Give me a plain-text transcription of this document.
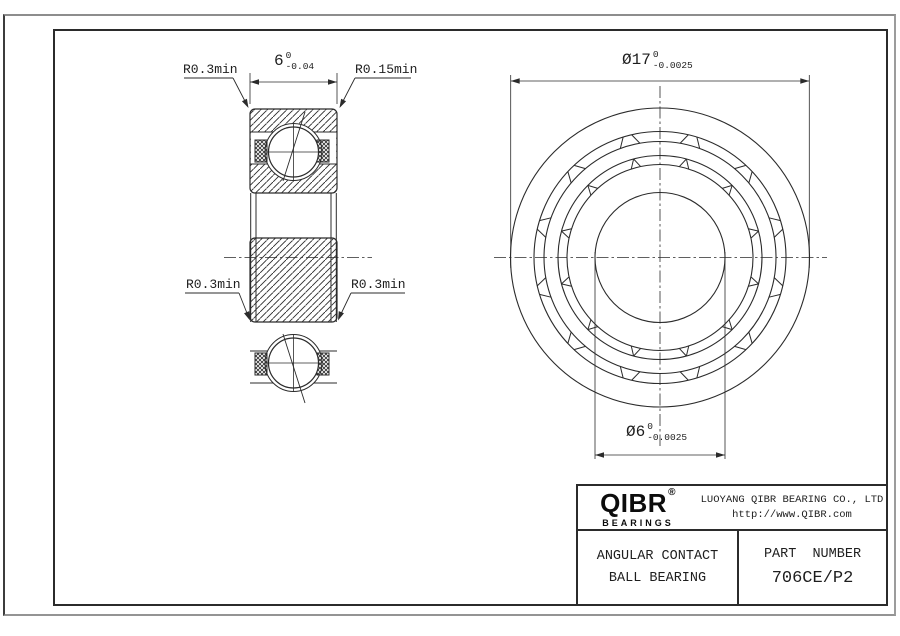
6 0
-0.04	Ø17 0
-0.0025
Ø6 0
-0.0025
R0.3min	R0.15min
R0.3min	R0.3min
QIBR ®
BEARINGS
LUOYANG QIBR BEARING CO., LTD
http://www.QIBR.com
ANGULAR CONTACT
BALL BEARING
PART NUMBER
706CE/P2
